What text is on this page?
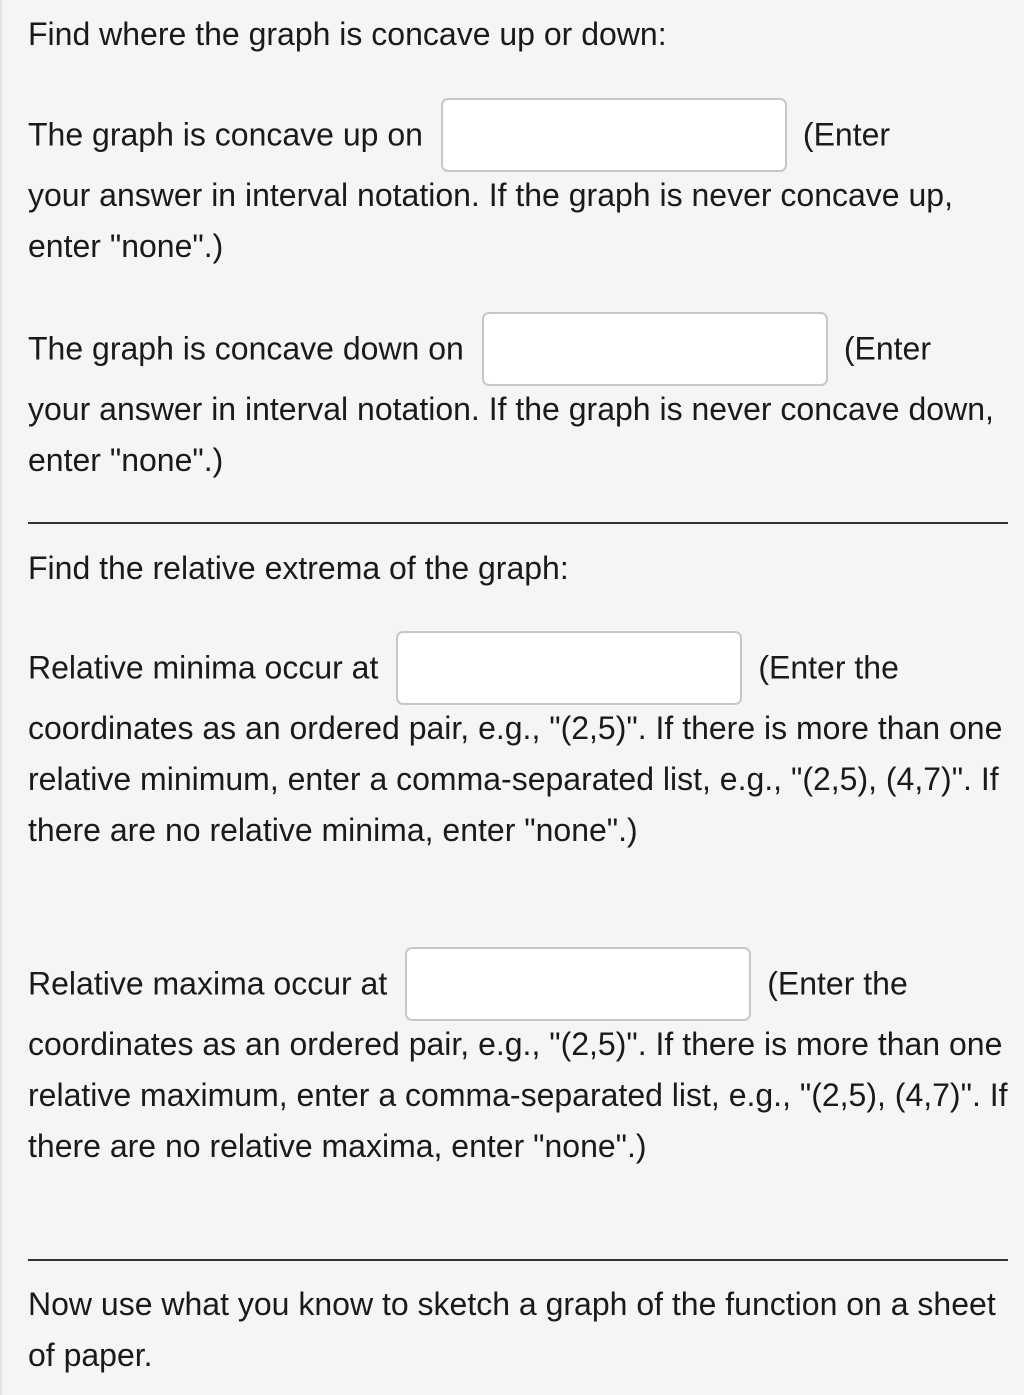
Find where the graph is concave up or down:

The graph is concave up on	(Enter

your answer in interval notation. If the graph is never concave up, enter "none".)

The graph is concave down on	(Enter

your answer in interval notation. If the graph is never concave down, enter "none".)

Find the relative extrema of the graph:

Relative minima occur at	(Enter the

coordinates as an ordered pair, e.g., "(2,5)". If there is more than one relative minimum, enter a comma-separated list, e.g., "(2,5), (4,7)". If there are no relative minima, enter "none".)

Relative maxima occur at	(Enter the

coordinates as an ordered pair, e.g., "(2,5)". If there is more than one relative maximum, enter a comma-separated list, e.g., "(2,5), (4,7)". If there are no relative maxima, enter "none".)

Now use what you know to sketch a graph of the function on a sheet of paper.
